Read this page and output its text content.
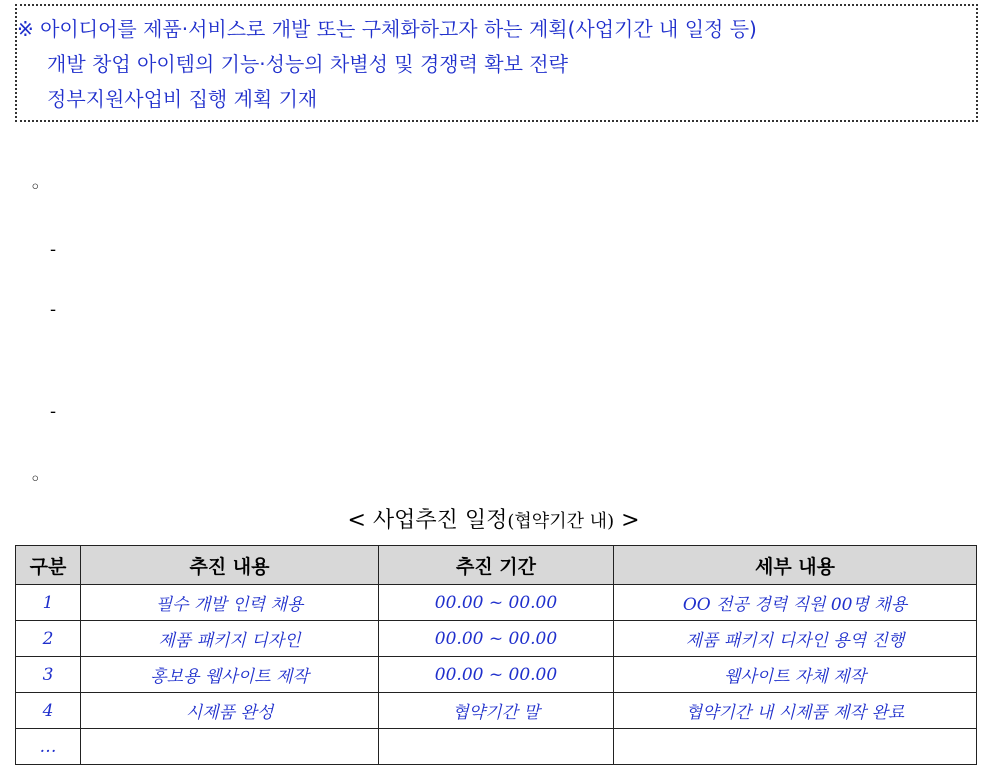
※ 아이디어를 제품·서비스로 개발 또는 구체화하고자 하는 계획(사업기간 내 일정 등)
개발 창업 아이템의 기능·성능의 차별성 및 경쟁력 확보 전략
정부지원사업비 집행 계획 기재
◦
-
-
-
◦
< 사업추진 일정(협약기간 내) >
구분	추진 내용	추진 기간	세부 내용
1	필수 개발 인력 채용	00.00 ~ 00.00	OO 전공 경력 직원 00명 채용
2	제품 패키지 디자인	00.00 ~ 00.00	제품 패키지 디자인 용역 진행
3	홍보용 웹사이트 제작	00.00 ~ 00.00	웹사이트 자체 제작
4	시제품 완성	협약기간 말	협약기간 내 시제품 제작 완료
…			
